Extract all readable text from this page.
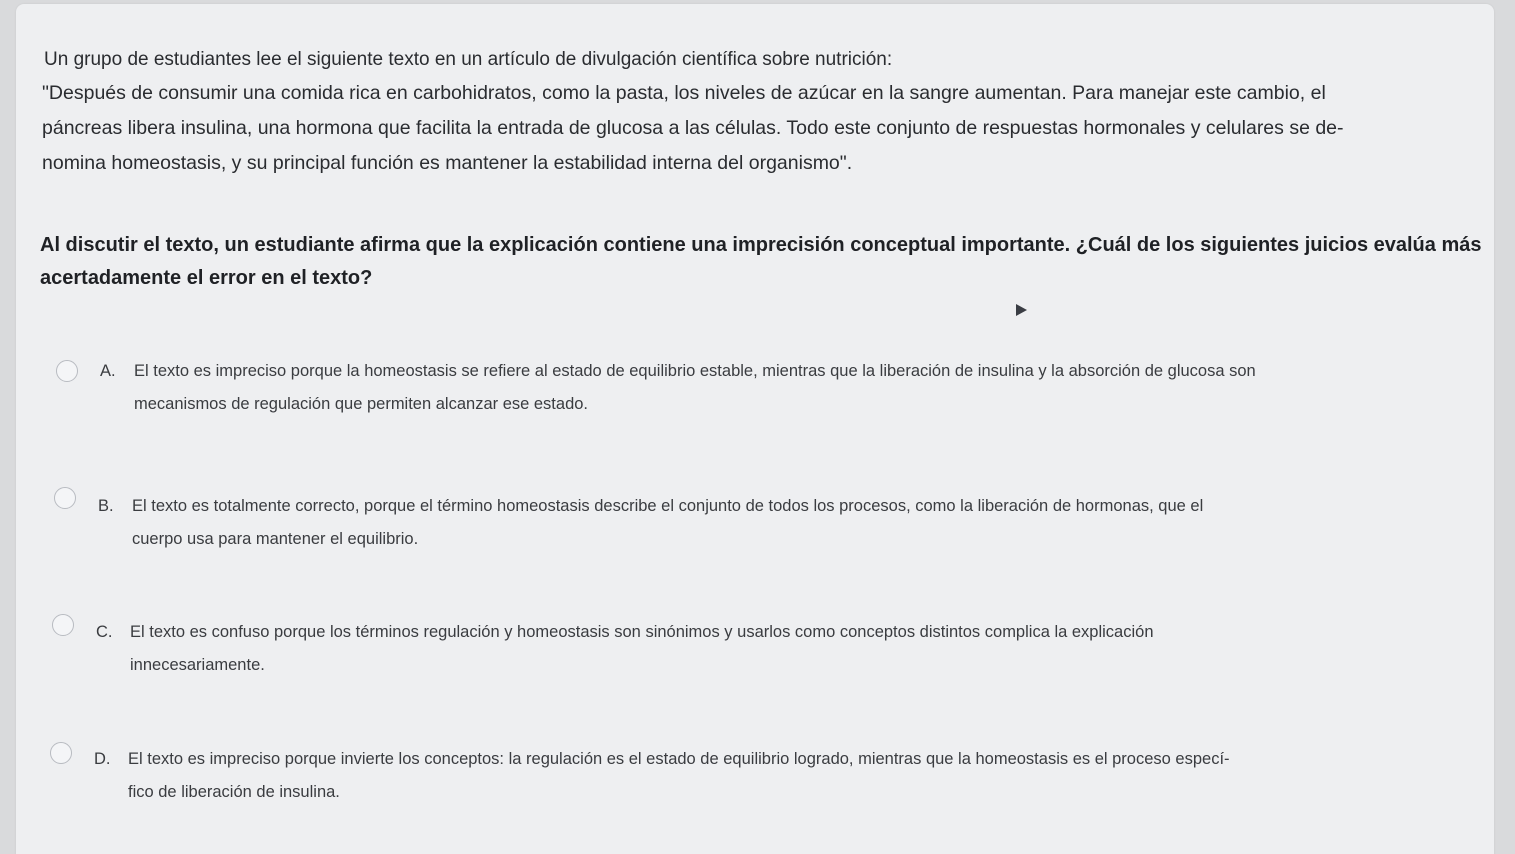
Un grupo de estudiantes lee el siguiente texto en un artículo de divulgación científica sobre nutrición:
"Después de consumir una comida rica en carbohidratos, como la pasta, los niveles de azúcar en la sangre aumentan. Para manejar este cambio, el
páncreas libera insulina, una hormona que facilita la entrada de glucosa a las células. Todo este conjunto de respuestas hormonales y celulares se de-
nomina homeostasis, y su principal función es mantener la estabilidad interna del organismo".
Al discutir el texto, un estudiante afirma que la explicación contiene una imprecisión conceptual importante. ¿Cuál de los siguientes juicios evalúa más
acertadamente el error en el texto?
A.	El texto es impreciso porque la homeostasis se refiere al estado de equilibrio estable, mientras que la liberación de insulina y la absorción de glucosa son
mecanismos de regulación que permiten alcanzar ese estado.
B.	El texto es totalmente correcto, porque el término homeostasis describe el conjunto de todos los procesos, como la liberación de hormonas, que el
cuerpo usa para mantener el equilibrio.
C.	El texto es confuso porque los términos regulación y homeostasis son sinónimos y usarlos como conceptos distintos complica la explicación
innecesariamente.
D.	El texto es impreciso porque invierte los conceptos: la regulación es el estado de equilibrio logrado, mientras que la homeostasis es el proceso especí-
fico de liberación de insulina.
